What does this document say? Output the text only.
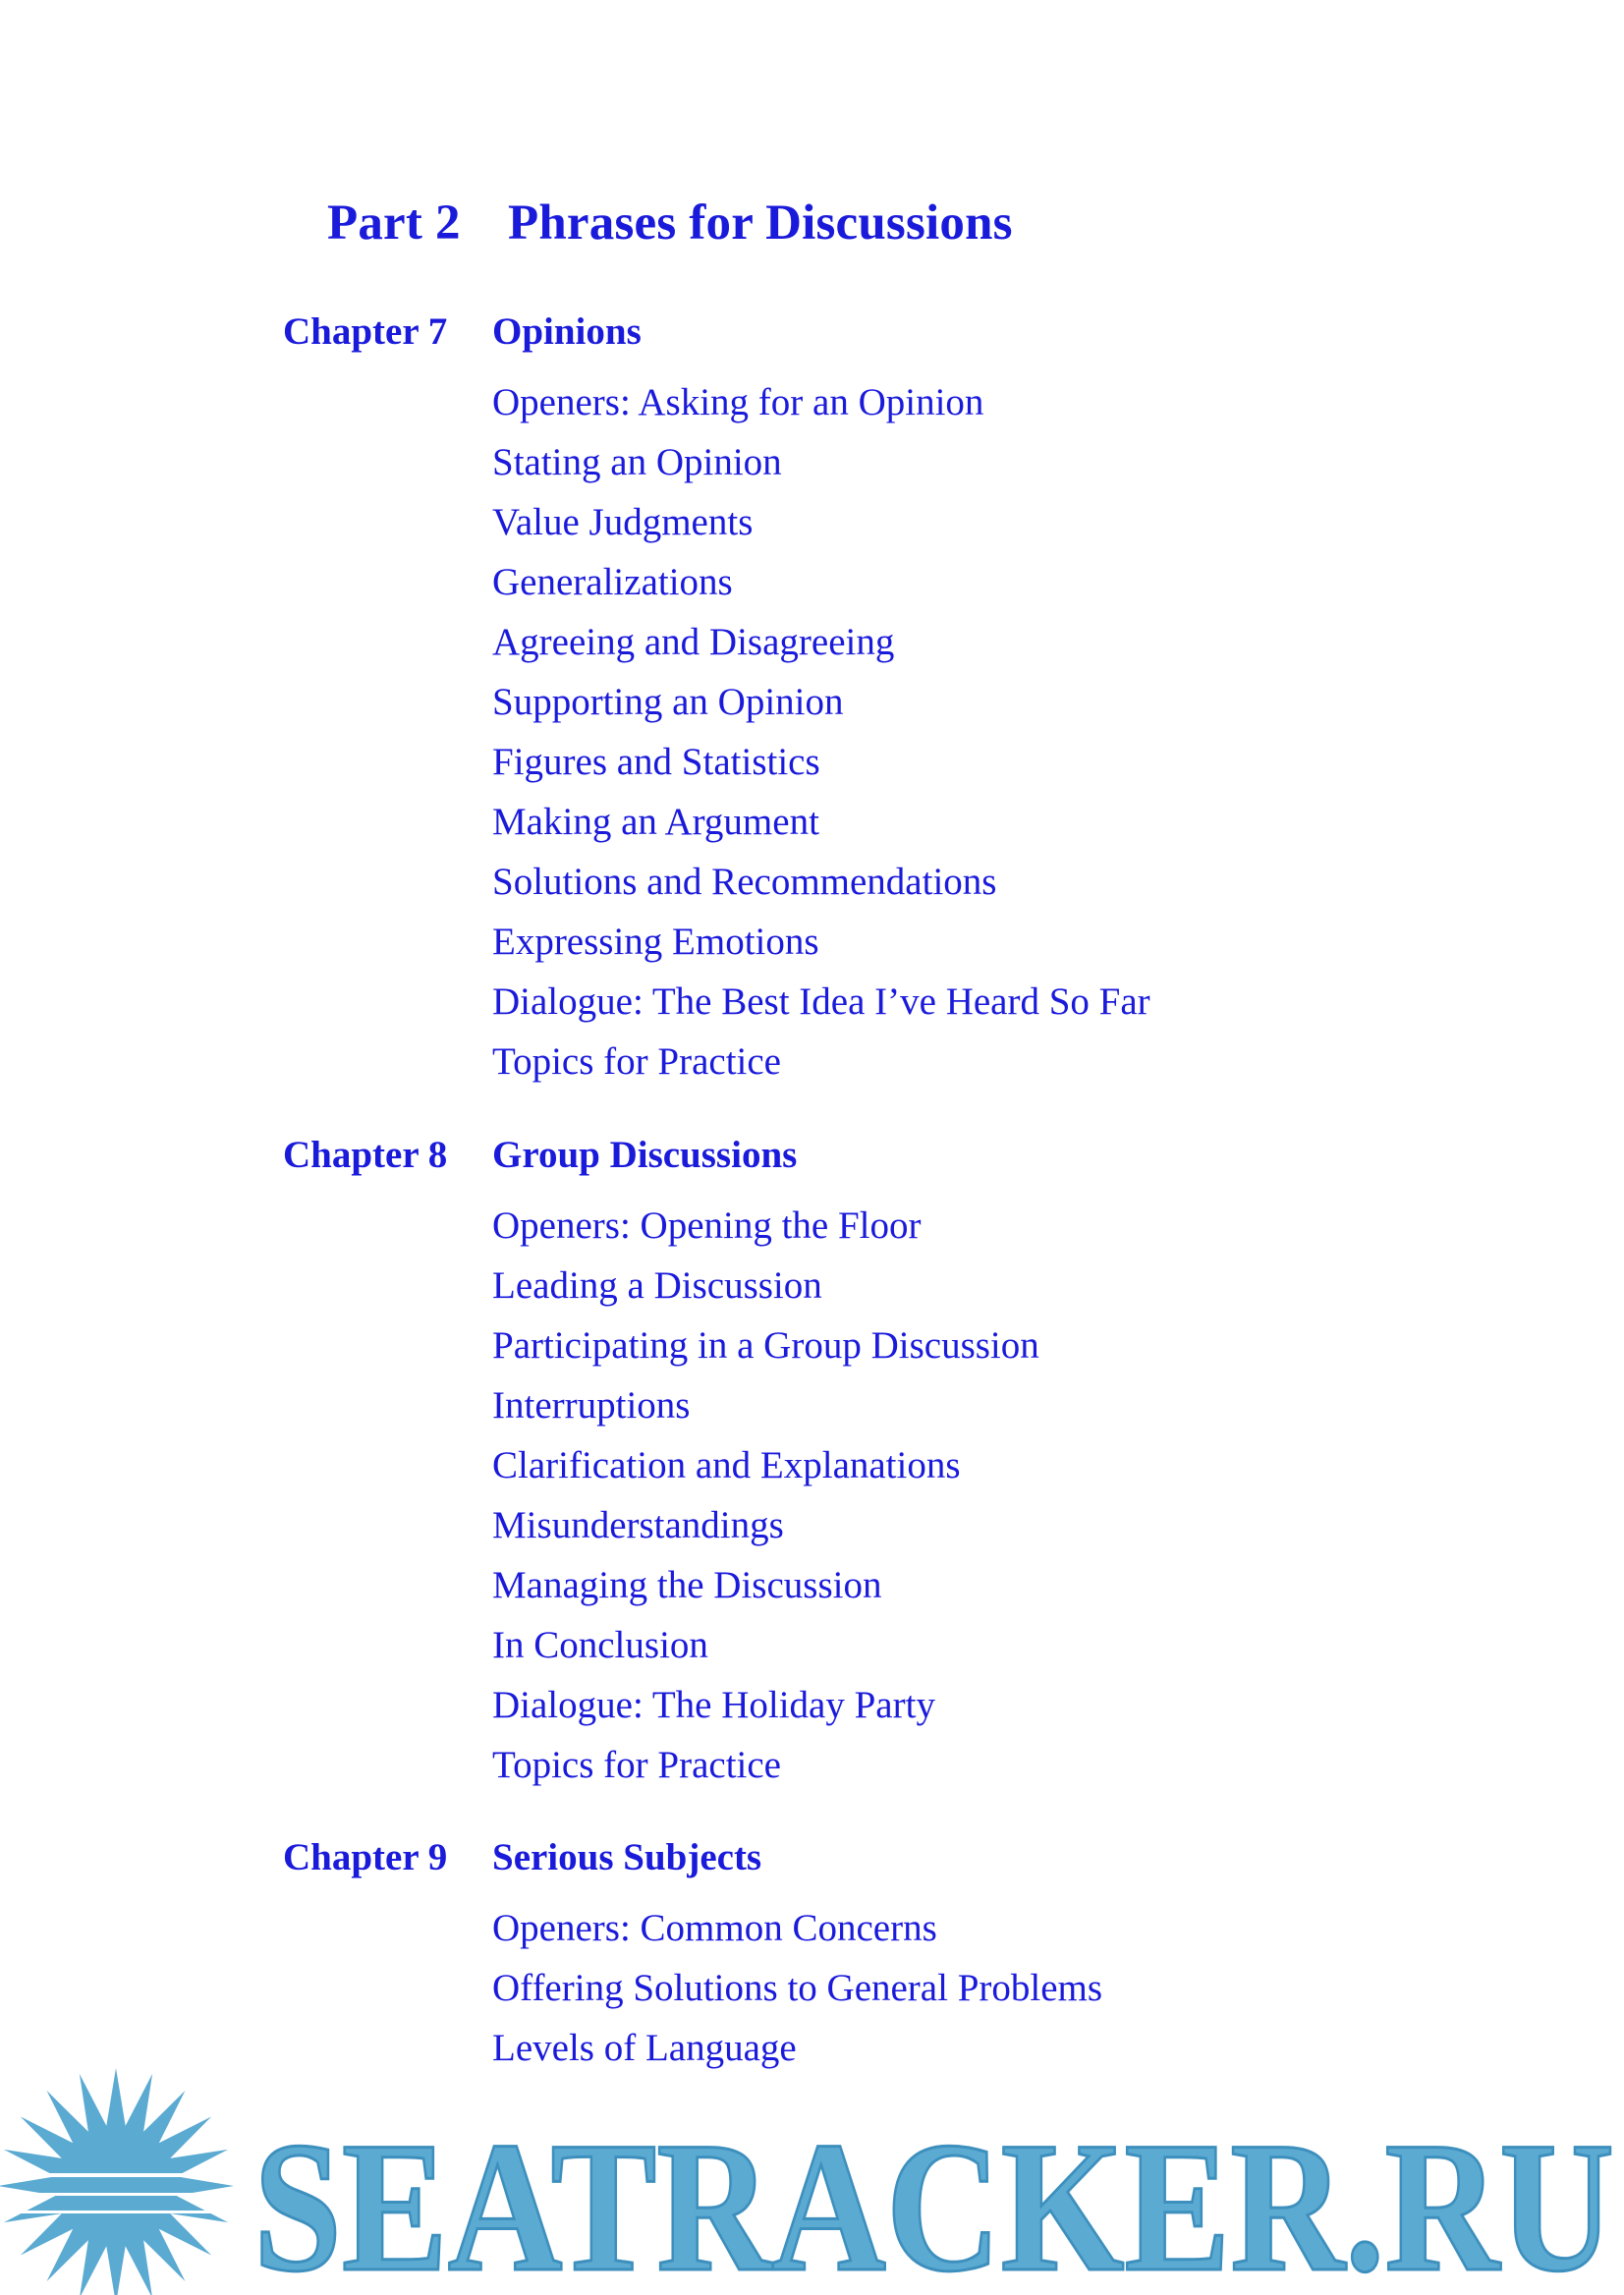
Part 2 Phrases for Discussions
Chapter 7 Opinions
Openers: Asking for an Opinion
Stating an Opinion
Value Judgments
Generalizations
Agreeing and Disagreeing
Supporting an Opinion
Figures and Statistics
Making an Argument
Solutions and Recommendations
Expressing Emotions
Dialogue: The Best Idea I’ve Heard So Far
Topics for Practice
Chapter 8 Group Discussions
Openers: Opening the Floor
Leading a Discussion
Participating in a Group Discussion
Interruptions
Clarification and Explanations
Misunderstandings
Managing the Discussion
In Conclusion
Dialogue: The Holiday Party
Topics for Practice
Chapter 9 Serious Subjects
Openers: Common Concerns
Offering Solutions to General Problems
Levels of Language
SEATRACKER.RU
